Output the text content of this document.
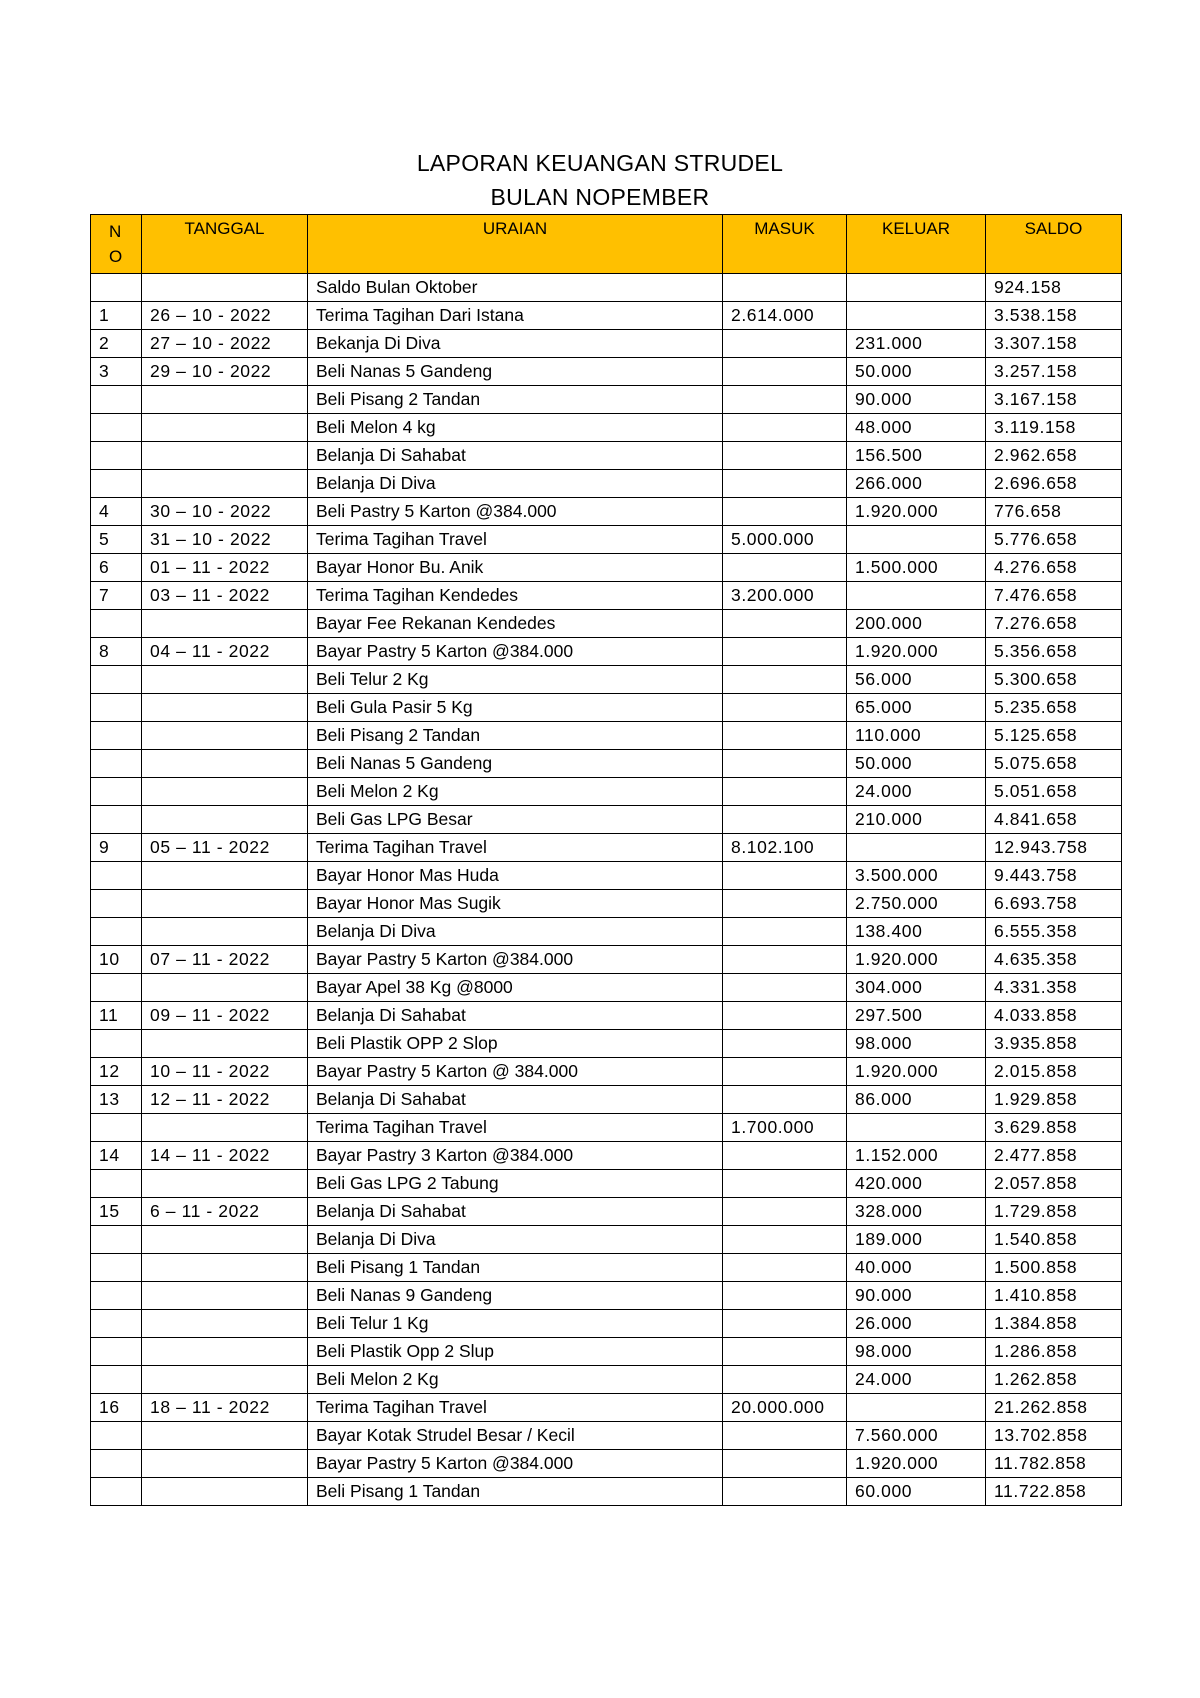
LAPORAN KEUANGAN STRUDEL
BULAN NOPEMBER
N
O	TANGGAL	URAIAN	MASUK	KELUAR	SALDO
		Saldo Bulan Oktober			924.158
1	26 – 10 - 2022	Terima Tagihan Dari Istana	2.614.000		3.538.158
2	27 – 10 - 2022	Bekanja Di Diva		231.000	3.307.158
3	29 – 10 - 2022	Beli Nanas 5 Gandeng		50.000	3.257.158
		Beli Pisang 2 Tandan		90.000	3.167.158
		Beli Melon 4 kg		48.000	3.119.158
		Belanja Di Sahabat		156.500	2.962.658
		Belanja Di Diva		266.000	2.696.658
4	30 – 10 - 2022	Beli Pastry 5 Karton @384.000		1.920.000	776.658
5	31 – 10 - 2022	Terima Tagihan Travel	5.000.000		5.776.658
6	01 – 11 - 2022	Bayar Honor Bu. Anik		1.500.000	4.276.658
7	03 – 11 - 2022	Terima Tagihan Kendedes	3.200.000		7.476.658
		Bayar Fee Rekanan Kendedes		200.000	7.276.658
8	04 – 11 - 2022	Bayar Pastry 5 Karton @384.000		1.920.000	5.356.658
		Beli Telur 2 Kg		56.000	5.300.658
		Beli Gula Pasir 5 Kg		65.000	5.235.658
		Beli Pisang 2 Tandan		110.000	5.125.658
		Beli Nanas 5 Gandeng		50.000	5.075.658
		Beli Melon 2 Kg		24.000	5.051.658
		Beli Gas LPG Besar		210.000	4.841.658
9	05 – 11 - 2022	Terima Tagihan Travel	8.102.100		12.943.758
		Bayar Honor Mas Huda		3.500.000	9.443.758
		Bayar Honor Mas Sugik		2.750.000	6.693.758
		Belanja Di Diva		138.400	6.555.358
10	07 – 11 - 2022	Bayar Pastry 5 Karton @384.000		1.920.000	4.635.358
		Bayar Apel 38 Kg @8000		304.000	4.331.358
11	09 – 11 - 2022	Belanja Di Sahabat		297.500	4.033.858
		Beli Plastik OPP 2 Slop		98.000	3.935.858
12	10 – 11 - 2022	Bayar Pastry 5 Karton @ 384.000		1.920.000	2.015.858
13	12 – 11 - 2022	Belanja Di Sahabat		86.000	1.929.858
		Terima Tagihan Travel	1.700.000		3.629.858
14	14 – 11 - 2022	Bayar Pastry 3 Karton @384.000		1.152.000	2.477.858
		Beli Gas LPG 2 Tabung		420.000	2.057.858
15	6 – 11 - 2022	Belanja Di Sahabat		328.000	1.729.858
		Belanja Di Diva		189.000	1.540.858
		Beli Pisang 1 Tandan		40.000	1.500.858
		Beli Nanas 9 Gandeng		90.000	1.410.858
		Beli Telur 1 Kg		26.000	1.384.858
		Beli Plastik Opp 2 Slup		98.000	1.286.858
		Beli Melon 2 Kg		24.000	1.262.858
16	18 – 11 - 2022	Terima Tagihan Travel	20.000.000		21.262.858
		Bayar Kotak Strudel Besar / Kecil		7.560.000	13.702.858
		Bayar Pastry 5 Karton @384.000		1.920.000	11.782.858
		Beli Pisang 1 Tandan		60.000	11.722.858
